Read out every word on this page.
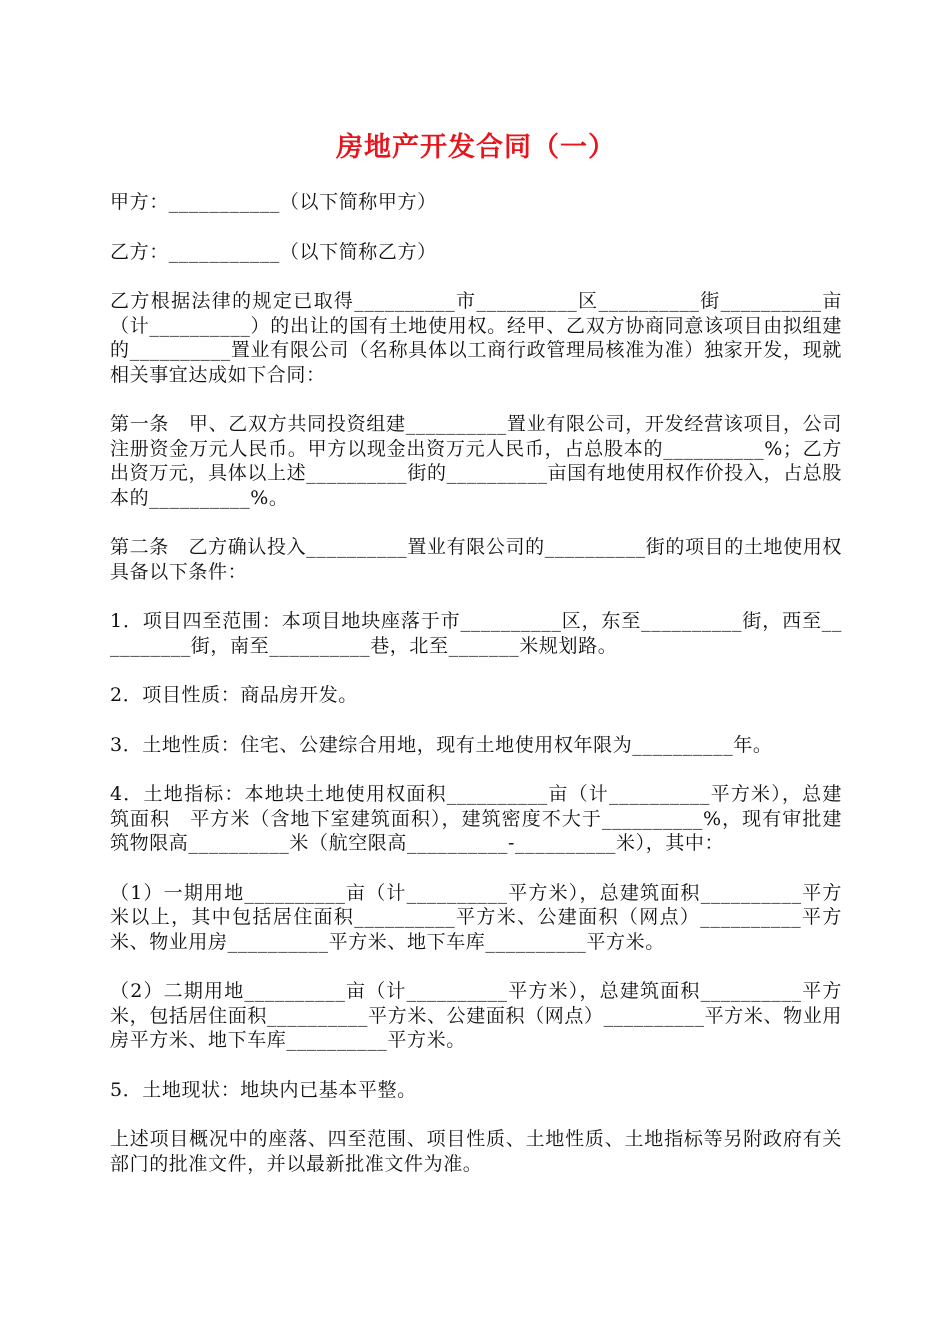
房地产开发合同（一）

甲方：___________（以下简称甲方）

乙方：___________（以下简称乙方）

乙方根据法律的规定已取得__________市__________区__________街__________亩（计__________）的出让的国有土地使用权。经甲、乙双方协商同意该项目由拟组建的__________置业有限公司（名称具体以工商行政管理局核准为准）独家开发，现就相关事宜达成如下合同：

第一条　甲、乙双方共同投资组建__________置业有限公司，开发经营该项目，公司注册资金万元人民币。甲方以现金出资万元人民币，占总股本的__________%；乙方出资万元，具体以上述__________街的__________亩国有地使用权作价投入，占总股本的__________%。

第二条　乙方确认投入__________置业有限公司的__________街的项目的土地使用权具备以下条件：

1．项目四至范围：本项目地块座落于市__________区，东至__________街，西至__________街，南至__________巷，北至_______米规划路。

2．项目性质：商品房开发。

3．土地性质：住宅、公建综合用地，现有土地使用权年限为__________年。

4．土地指标：本地块土地使用权面积__________亩（计__________平方米），总建筑面积　平方米（含地下室建筑面积），建筑密度不大于__________%，现有审批建筑物限高__________米（航空限高__________-__________米），其中：

（1）一期用地__________亩（计__________平方米），总建筑面积__________平方米以上，其中包括居住面积__________平方米、公建面积（网点）__________平方米、物业用房__________平方米、地下车库__________平方米。

（2）二期用地__________亩（计__________平方米），总建筑面积__________平方米，包括居住面积__________平方米、公建面积（网点）__________平方米、物业用房平方米、地下车库__________平方米。

5．土地现状：地块内已基本平整。

上述项目概况中的座落、四至范围、项目性质、土地性质、土地指标等另附政府有关部门的批准文件，并以最新批准文件为准。
